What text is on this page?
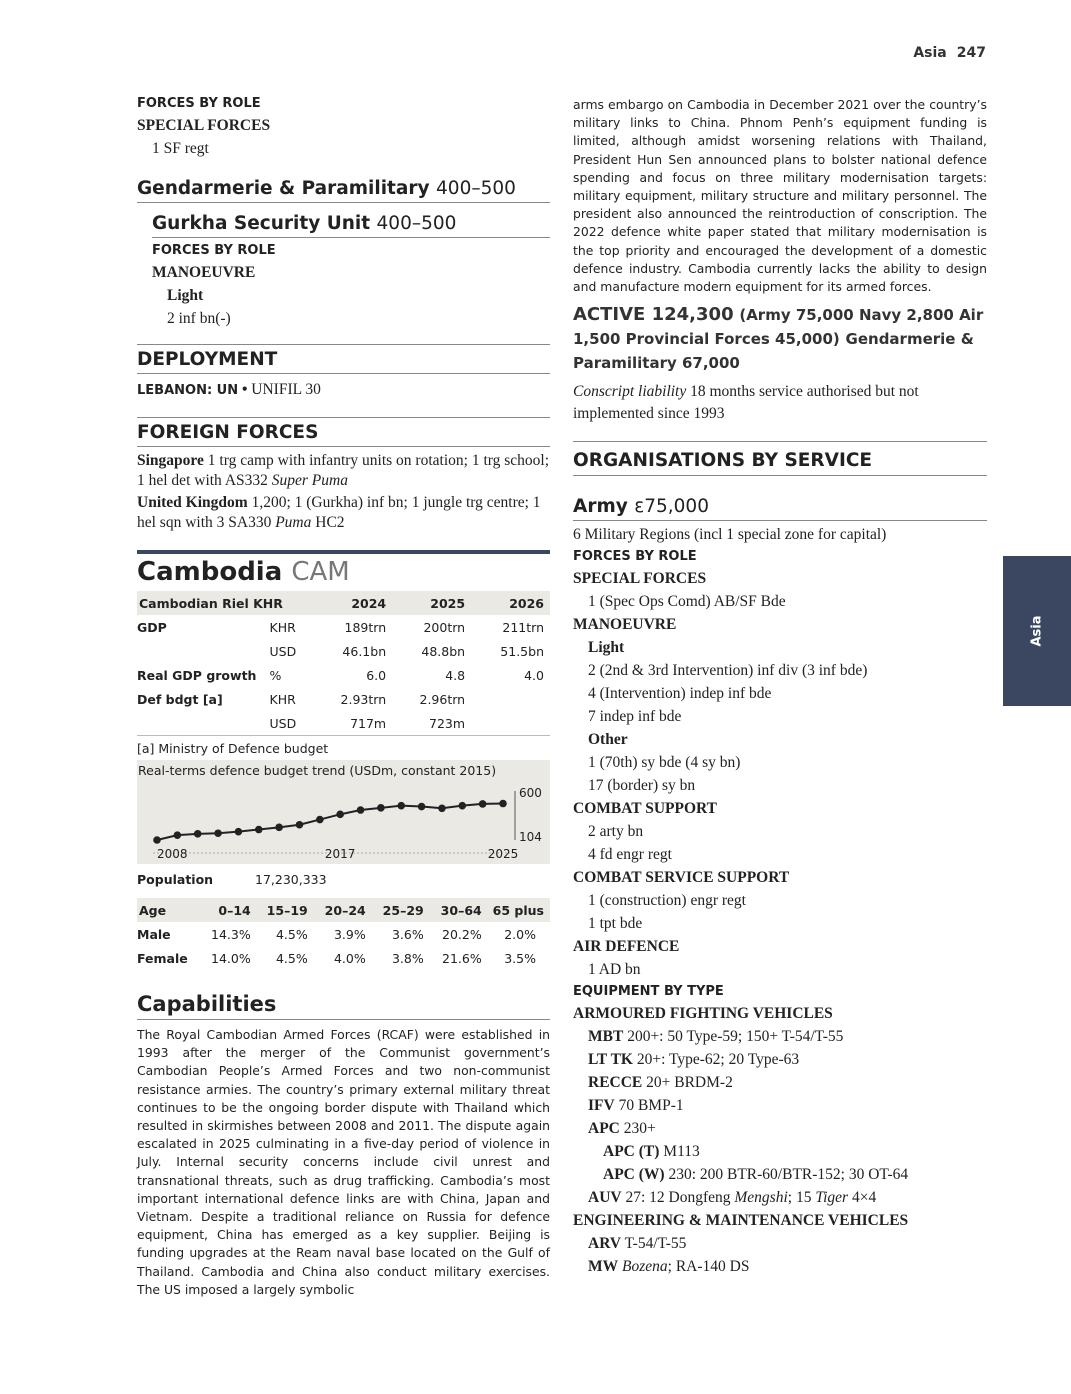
Asia 247
Asia
FORCES BY ROLE
SPECIAL FORCES
1 SF regt
Gendarmerie & Paramilitary 400–500
Gurkha Security Unit 400–500
FORCES BY ROLE
MANOEUVRE
Light
2 inf bn(-)
DEPLOYMENT
LEBANON: UN • UNIFIL 30
FOREIGN FORCES
Singapore 1 trg camp with infantry units on rotation; 1 trg school; 1 hel det with AS332 Super Puma
United Kingdom 1,200; 1 (Gurkha) inf bn; 1 jungle trg centre; 1 hel sqn with 3 SA330 Puma HC2
Cambodia CAM
Cambodian Riel KHR		2024	2025	2026
GDP	KHR	189trn	200trn	211trn
	USD	46.1bn	48.8bn	51.5bn
Real GDP growth	%	6.0	4.8	4.0
Def bdgt [a]	KHR	2.93trn	2.96trn	
	USD	717m	723m	
[a] Ministry of Defence budget				
Real-terms defence budget trend (USDm, constant 2015)
600
104
2008	2017	2025
Population	17,230,333
Age	0–14	15–19	20–24	25–29	30–64	65 plus
Male	14.3%	4.5%	3.9%	3.6%	20.2%	2.0%
Female	14.0%	4.5%	4.0%	3.8%	21.6%	3.5%
Capabilities

The Royal Cambodian Armed Forces (RCAF) were established in 1993 after the merger of the Communist government’s Cambodian People’s Armed Forces and two non-communist resistance armies. The country’s primary external military threat continues to be the ongoing border dispute with Thailand which resulted in skirmishes between 2008 and 2011. The dispute again escalated in 2025 culminating in a five-day period of violence in July. Internal security concerns include civil unrest and transnational threats, such as drug trafficking. Cambodia’s most important international defence links are with China, Japan and Vietnam. Despite a traditional reliance on Russia for defence equipment, China has emerged as a key supplier. Beijing is funding upgrades at the Ream naval base located on the Gulf of Thailand. Cambodia and China also conduct military exercises. The US imposed a largely symbolic

arms embargo on Cambodia in December 2021 over the country’s military links to China. Phnom Penh’s equipment funding is limited, although amidst worsening relations with Thailand, President Hun Sen announced plans to bolster national defence spending and focus on three military modernisation targets: military equipment, military structure and military personnel. The president also announced the reintroduction of conscription. The 2022 defence white paper stated that military modernisation is the top priority and encouraged the development of a domestic defence industry. Cambodia currently lacks the ability to design and manufacture modern equipment for its armed forces.

ACTIVE 124,300 (Army 75,000 Navy 2,800 Air 1,500 Provincial Forces 45,000) Gendarmerie & Paramilitary 67,000
Conscript liability 18 months service authorised but not implemented since 1993
ORGANISATIONS BY SERVICE
Army ε75,000
6 Military Regions (incl 1 special zone for capital)
FORCES BY ROLE
SPECIAL FORCES
1 (Spec Ops Comd) AB/SF Bde
MANOEUVRE
Light
2 (2nd & 3rd Intervention) inf div (3 inf bde)
4 (Intervention) indep inf bde
7 indep inf bde
Other
1 (70th) sy bde (4 sy bn)
17 (border) sy bn
COMBAT SUPPORT
2 arty bn
4 fd engr regt
COMBAT SERVICE SUPPORT
1 (construction) engr regt
1 tpt bde
AIR DEFENCE
1 AD bn
EQUIPMENT BY TYPE
ARMOURED FIGHTING VEHICLES
MBT 200+: 50 Type-59; 150+ T-54/T-55
LT TK 20+: Type-62; 20 Type-63
RECCE 20+ BRDM-2
IFV 70 BMP-1
APC 230+
APC (T) M113
APC (W) 230: 200 BTR-60/BTR-152; 30 OT-64
AUV 27: 12 Dongfeng Mengshi; 15 Tiger 4×4
ENGINEERING & MAINTENANCE VEHICLES
ARV T-54/T-55
MW Bozena; RA-140 DS
